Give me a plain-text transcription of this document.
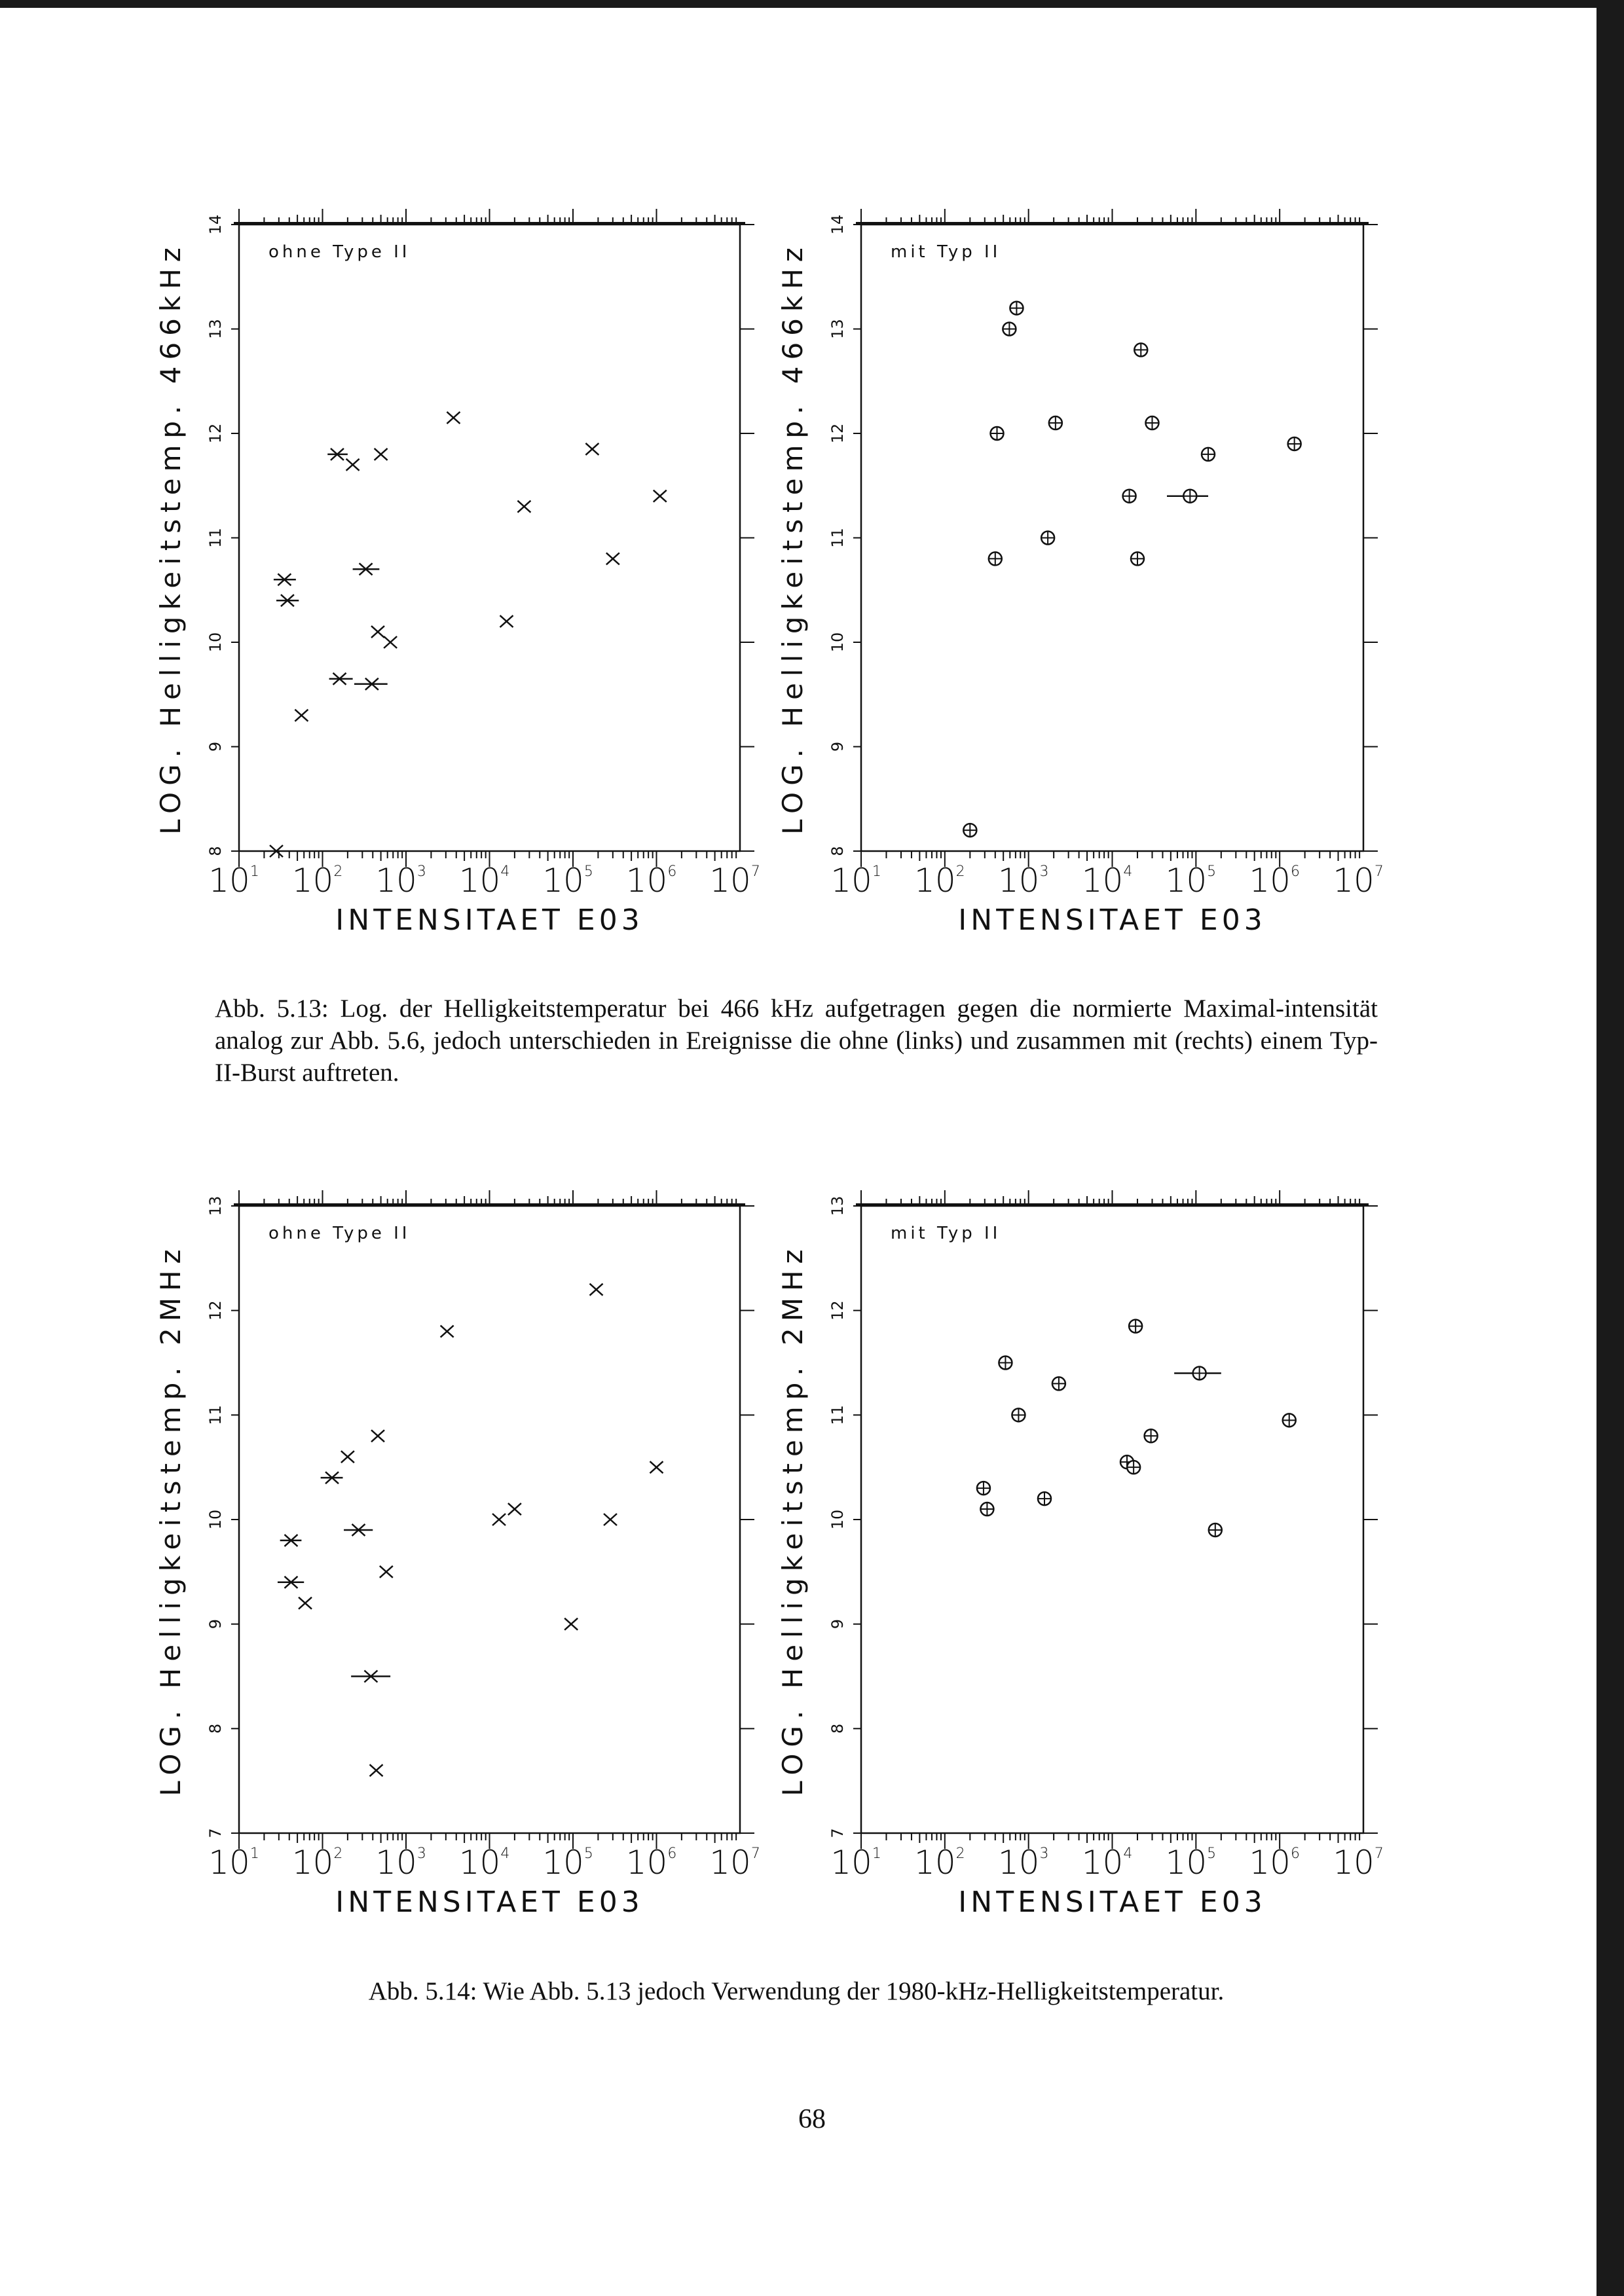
8
9
10
11
12
13
14
$10^1$ $10^2$ $10^3$ $10^4$ $10^5$ $10^6$ $10^7$
INTENSITAET E03
LOG. Helligkeitstemp. 466kHz	ohne Type II
8
9
10
11
12
13
14
$10^1$ $10^2$ $10^3$ $10^4$ $10^5$ $10^6$ $10^7$
INTENSITAET E03
LOG. Helligkeitstemp. 466kHz	mit Typ II
7
8
9
10
11
12
13
$10^1$ $10^2$ $10^3$ $10^4$ $10^5$ $10^6$ $10^7$
INTENSITAET E03
LOG. Helligkeitstemp. 2MHz
ohne Type II
7
8
9
10
11
12
13
$10^1$ $10^2$ $10^3$ $10^4$ $10^5$ $10^6$ $10^7$
INTENSITAET E03
LOG. Helligkeitstemp. 2MHz
mit Typ II
Abb. 5.13: Log. der Helligkeitstemperatur bei 466 kHz aufgetragen gegen die normierte Maximal-intensität analog zur Abb. 5.6, jedoch unterschieden in Ereignisse die ohne (links) und zusammen mit (rechts) einem Typ-II-Burst auftreten.
Abb. 5.14: Wie Abb. 5.13 jedoch Verwendung der 1980-kHz-Helligkeitstemperatur.
68
